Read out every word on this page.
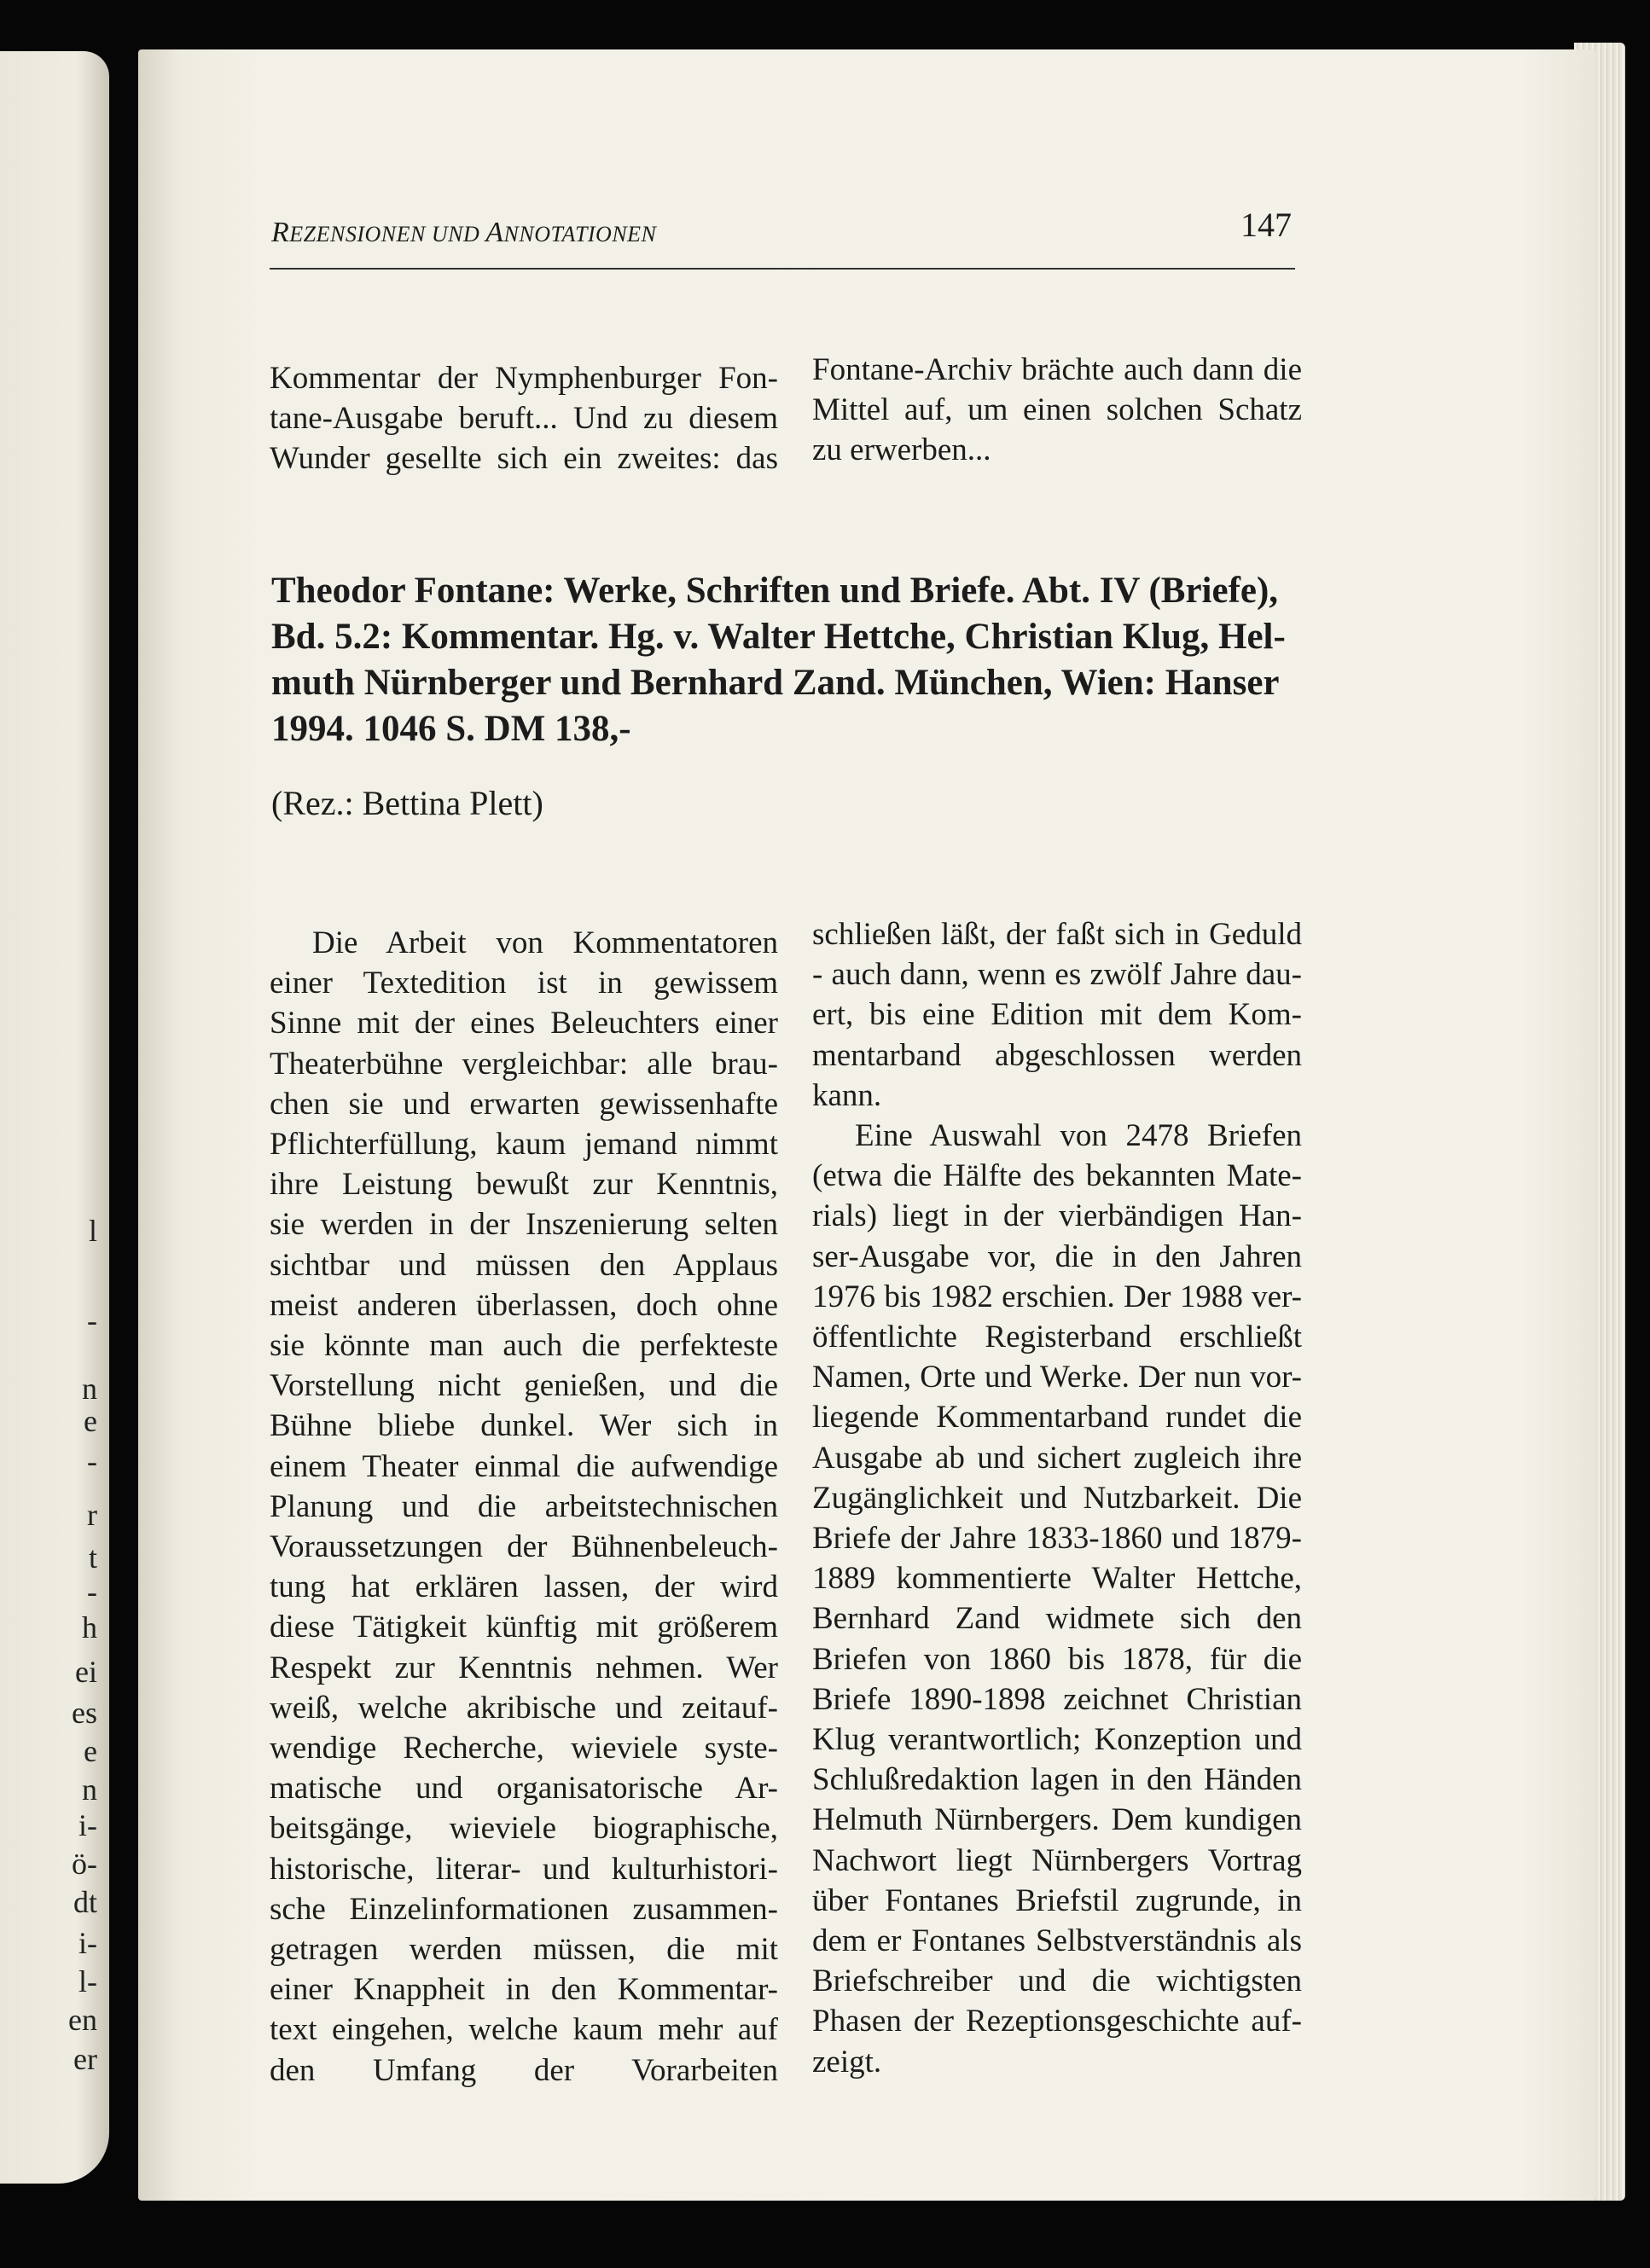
l
-
n
e
-
r
t
-
h
ei
es
e
n
i-
ö-
dt
i-
l-
en
er
REZENSIONEN UND ANNOTATIONEN	147
Kommentar der Nymphenburger Fon-
tane-Ausgabe beruft... Und zu diesem
Wunder gesellte sich ein zweites: das
Fontane-Archiv brächte auch dann die
Mittel auf, um einen solchen Schatz
zu erwerben...
Theodor Fontane: Werke, Schriften und Briefe. Abt. IV (Briefe),
Bd. 5.2: Kommentar. Hg. v. Walter Hettche, Christian Klug, Hel-
muth Nürnberger und Bernhard Zand. München, Wien: Hanser
1994. 1046 S. DM 138,-
(Rez.: Bettina Plett)
Die Arbeit von Kommentatoren
einer Textedition ist in gewissem
Sinne mit der eines Beleuchters einer
Theaterbühne vergleichbar: alle brau-
chen sie und erwarten gewissenhafte
Pflichterfüllung, kaum jemand nimmt
ihre Leistung bewußt zur Kenntnis,
sie werden in der Inszenierung selten
sichtbar und müssen den Applaus
meist anderen überlassen, doch ohne
sie könnte man auch die perfekteste
Vorstellung nicht genießen, und die
Bühne bliebe dunkel. Wer sich in
einem Theater einmal die aufwendige
Planung und die arbeitstechnischen
Voraussetzungen der Bühnenbeleuch-
tung hat erklären lassen, der wird
diese Tätigkeit künftig mit größerem
Respekt zur Kenntnis nehmen. Wer
weiß, welche akribische und zeitauf-
wendige Recherche, wieviele syste-
matische und organisatorische Ar-
beitsgänge, wieviele biographische,
historische, literar- und kulturhistori-
sche Einzelinformationen zusammen-
getragen werden müssen, die mit
einer Knappheit in den Kommentar-
text eingehen, welche kaum mehr auf
den Umfang der Vorarbeiten
schließen läßt, der faßt sich in Geduld
- auch dann, wenn es zwölf Jahre dau-
ert, bis eine Edition mit dem Kom-
mentarband abgeschlossen werden
kann.
Eine Auswahl von 2478 Briefen
(etwa die Hälfte des bekannten Mate-
rials) liegt in der vierbändigen Han-
ser-Ausgabe vor, die in den Jahren
1976 bis 1982 erschien. Der 1988 ver-
öffentlichte Registerband erschließt
Namen, Orte und Werke. Der nun vor-
liegende Kommentarband rundet die
Ausgabe ab und sichert zugleich ihre
Zugänglichkeit und Nutzbarkeit. Die
Briefe der Jahre 1833-1860 und 1879-
1889 kommentierte Walter Hettche,
Bernhard Zand widmete sich den
Briefen von 1860 bis 1878, für die
Briefe 1890-1898 zeichnet Christian
Klug verantwortlich; Konzeption und
Schlußredaktion lagen in den Händen
Helmuth Nürnbergers. Dem kundigen
Nachwort liegt Nürnbergers Vortrag
über Fontanes Briefstil zugrunde, in
dem er Fontanes Selbstverständnis als
Briefschreiber und die wichtigsten
Phasen der Rezeptionsgeschichte auf-
zeigt.
